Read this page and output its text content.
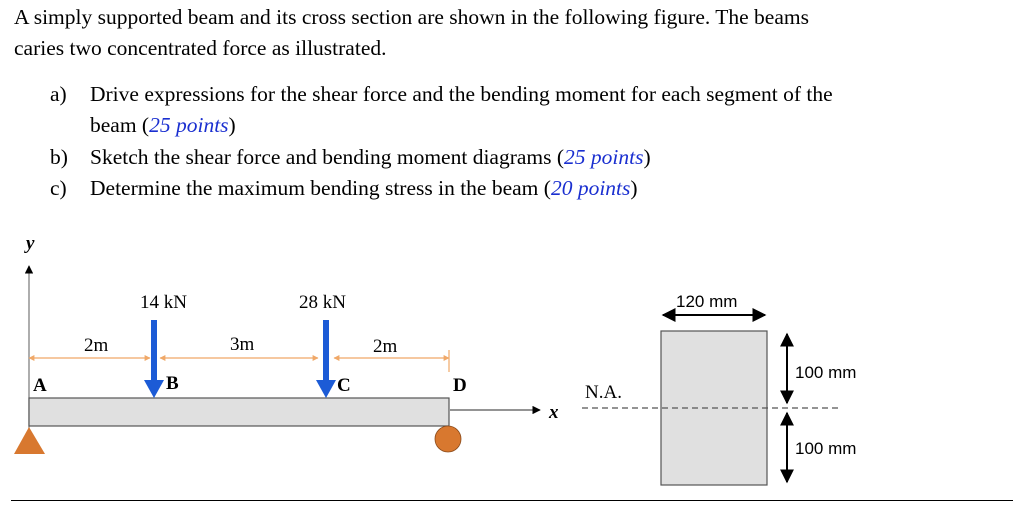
A simply supported beam and its cross section are shown in the following figure. The beams
caries two concentrated force as illustrated.

a) Drive expressions for the shear force and the bending moment for each segment of the
beam (25 points)
b) Sketch the shear force and bending moment diagrams (25 points)
c) Determine the maximum bending stress in the beam (20 points)
y
x
2m	3m	2m
A	B	C	D
14 kN	28 kN
N.A.
120 mm
100 mm
100 mm
